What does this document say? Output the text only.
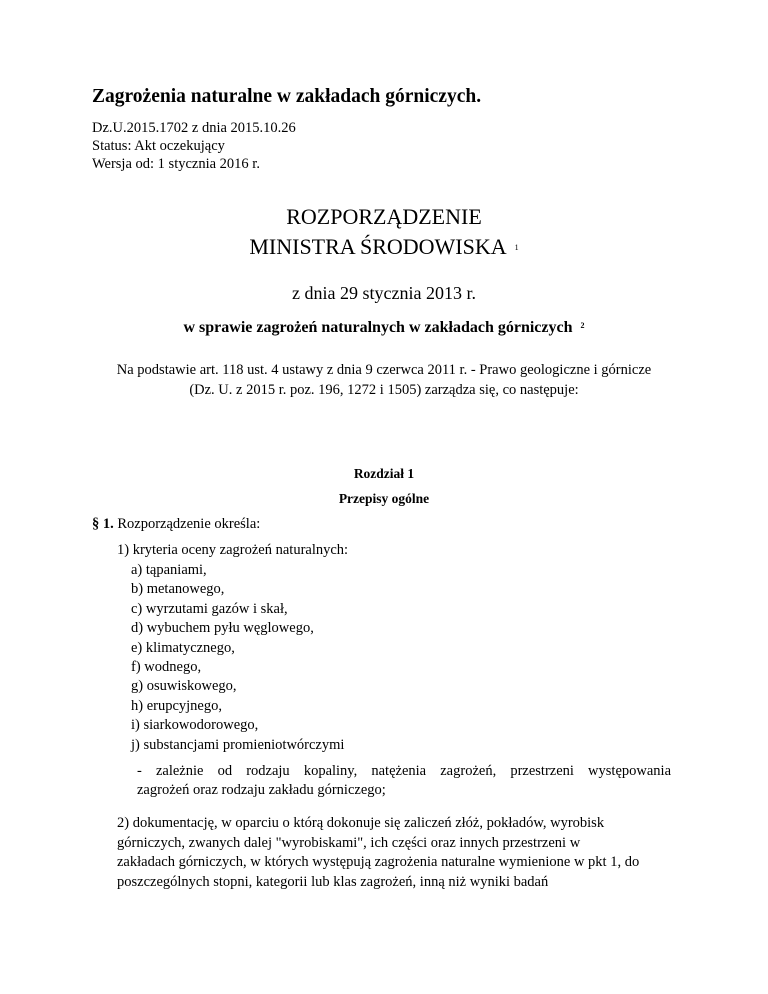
Zagrożenia naturalne w zakładach górniczych.
Dz.U.2015.1702 z dnia 2015.10.26
Status: Akt oczekujący
Wersja od: 1 stycznia 2016 r.
ROZPORZĄDZENIE
MINISTRA ŚRODOWISKA $^1$
z dnia 29 stycznia 2013 r.
w sprawie zagrożeń naturalnych w zakładach górniczych $^2$
Na podstawie art. 118 ust. 4 ustawy z dnia 9 czerwca 2011 r. - Prawo geologiczne i górnicze
(Dz. U. z 2015 r. poz. 196, 1272 i 1505) zarządza się, co następuje:
Rozdział 1
Przepisy ogólne
§ 1. Rozporządzenie określa:
1) kryteria oceny zagrożeń naturalnych:
a) tąpaniami,
b) metanowego,
c) wyrzutami gazów i skał,
d) wybuchem pyłu węglowego,
e) klimatycznego,
f) wodnego,
g) osuwiskowego,
h) erupcyjnego,
i) siarkowodorowego,
j) substancjami promieniotwórczymi
- zależnie od rodzaju kopaliny, natężenia zagrożeń, przestrzeni występowania
zagrożeń oraz rodzaju zakładu górniczego;
2) dokumentację, w oparciu o którą dokonuje się zaliczeń złóż, pokładów, wyrobisk
górniczych, zwanych dalej "wyrobiskami", ich części oraz innych przestrzeni w
zakładach górniczych, w których występują zagrożenia naturalne wymienione w pkt 1, do
poszczególnych stopni, kategorii lub klas zagrożeń, inną niż wyniki badań
